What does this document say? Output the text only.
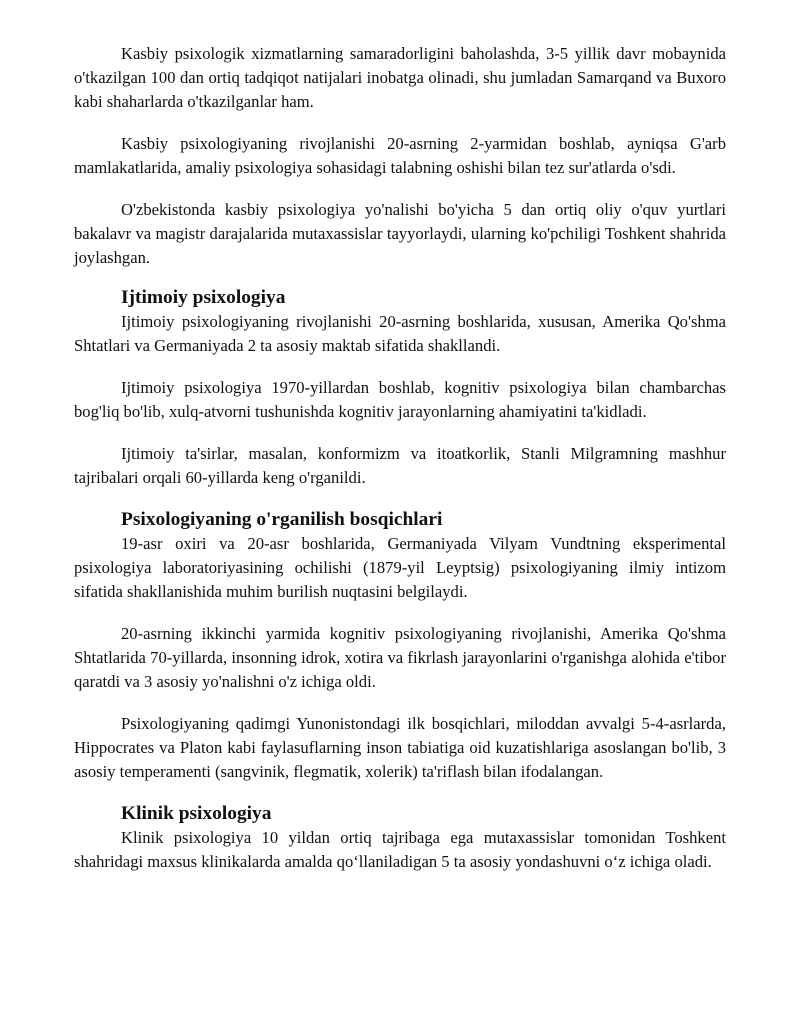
Kasbiy psixologik xizmatlarning samaradorligini baholashda, 3-5 yillik davr mobaynida o'tkazilgan 100 dan ortiq tadqiqot natijalari inobatga olinadi, shu jumladan Samarqand va Buxoro kabi shaharlarda o'tkazilganlar ham.

Kasbiy psixologiyaning rivojlanishi 20-asrning 2-yarmidan boshlab, ayniqsa G'arb mamlakatlarida, amaliy psixologiya sohasidagi talabning oshishi bilan tez sur'atlarda o'sdi.

O'zbekistonda kasbiy psixologiya yo'nalishi bo'yicha 5 dan ortiq oliy o'quv yurtlari bakalavr va magistr darajalarida mutaxassislar tayyorlaydi, ularning ko'pchiligi Toshkent shahrida joylashgan.

Ijtimoiy psixologiya

Ijtimoiy psixologiyaning rivojlanishi 20-asrning boshlarida, xususan, Amerika Qo'shma Shtatlari va Germaniyada 2 ta asosiy maktab sifatida shakllandi.

Ijtimoiy psixologiya 1970-yillardan boshlab, kognitiv psixologiya bilan chambarchas bog'liq bo'lib, xulq-atvorni tushunishda kognitiv jarayonlarning ahamiyatini ta'kidladi.

Ijtimoiy ta'sirlar, masalan, konformizm va itoatkorlik, Stanli Milgramning mashhur tajribalari orqali 60-yillarda keng o'rganildi.

Psixologiyaning o'rganilish bosqichlari

19-asr oxiri va 20-asr boshlarida, Germaniyada Vilyam Vundtning eksperimental psixologiya laboratoriyasining ochilishi (1879-yil Leyptsig) psixologiyaning ilmiy intizom sifatida shakllanishida muhim burilish nuqtasini belgilaydi.

20-asrning ikkinchi yarmida kognitiv psixologiyaning rivojlanishi, Amerika Qo'shma Shtatlarida 70-yillarda, insonning idrok, xotira va fikrlash jarayonlarini o'rganishga alohida e'tibor qaratdi va 3 asosiy yo'nalishni o'z ichiga oldi.

Psixologiyaning qadimgi Yunonistondagi ilk bosqichlari, miloddan avvalgi 5-4-asrlarda, Hippocrates va Platon kabi faylasuflarning inson tabiatiga oid kuzatishlariga asoslangan bo'lib, 3 asosiy temperamenti (sangvinik, flegmatik, xolerik) ta'riflash bilan ifodalangan.

Klinik psixologiya

Klinik psixologiya 10 yildan ortiq tajribaga ega mutaxassislar tomonidan Toshkent shahridagi maxsus klinikalarda amalda qo‘llaniladigan 5 ta asosiy yondashuvni o‘z ichiga oladi.
